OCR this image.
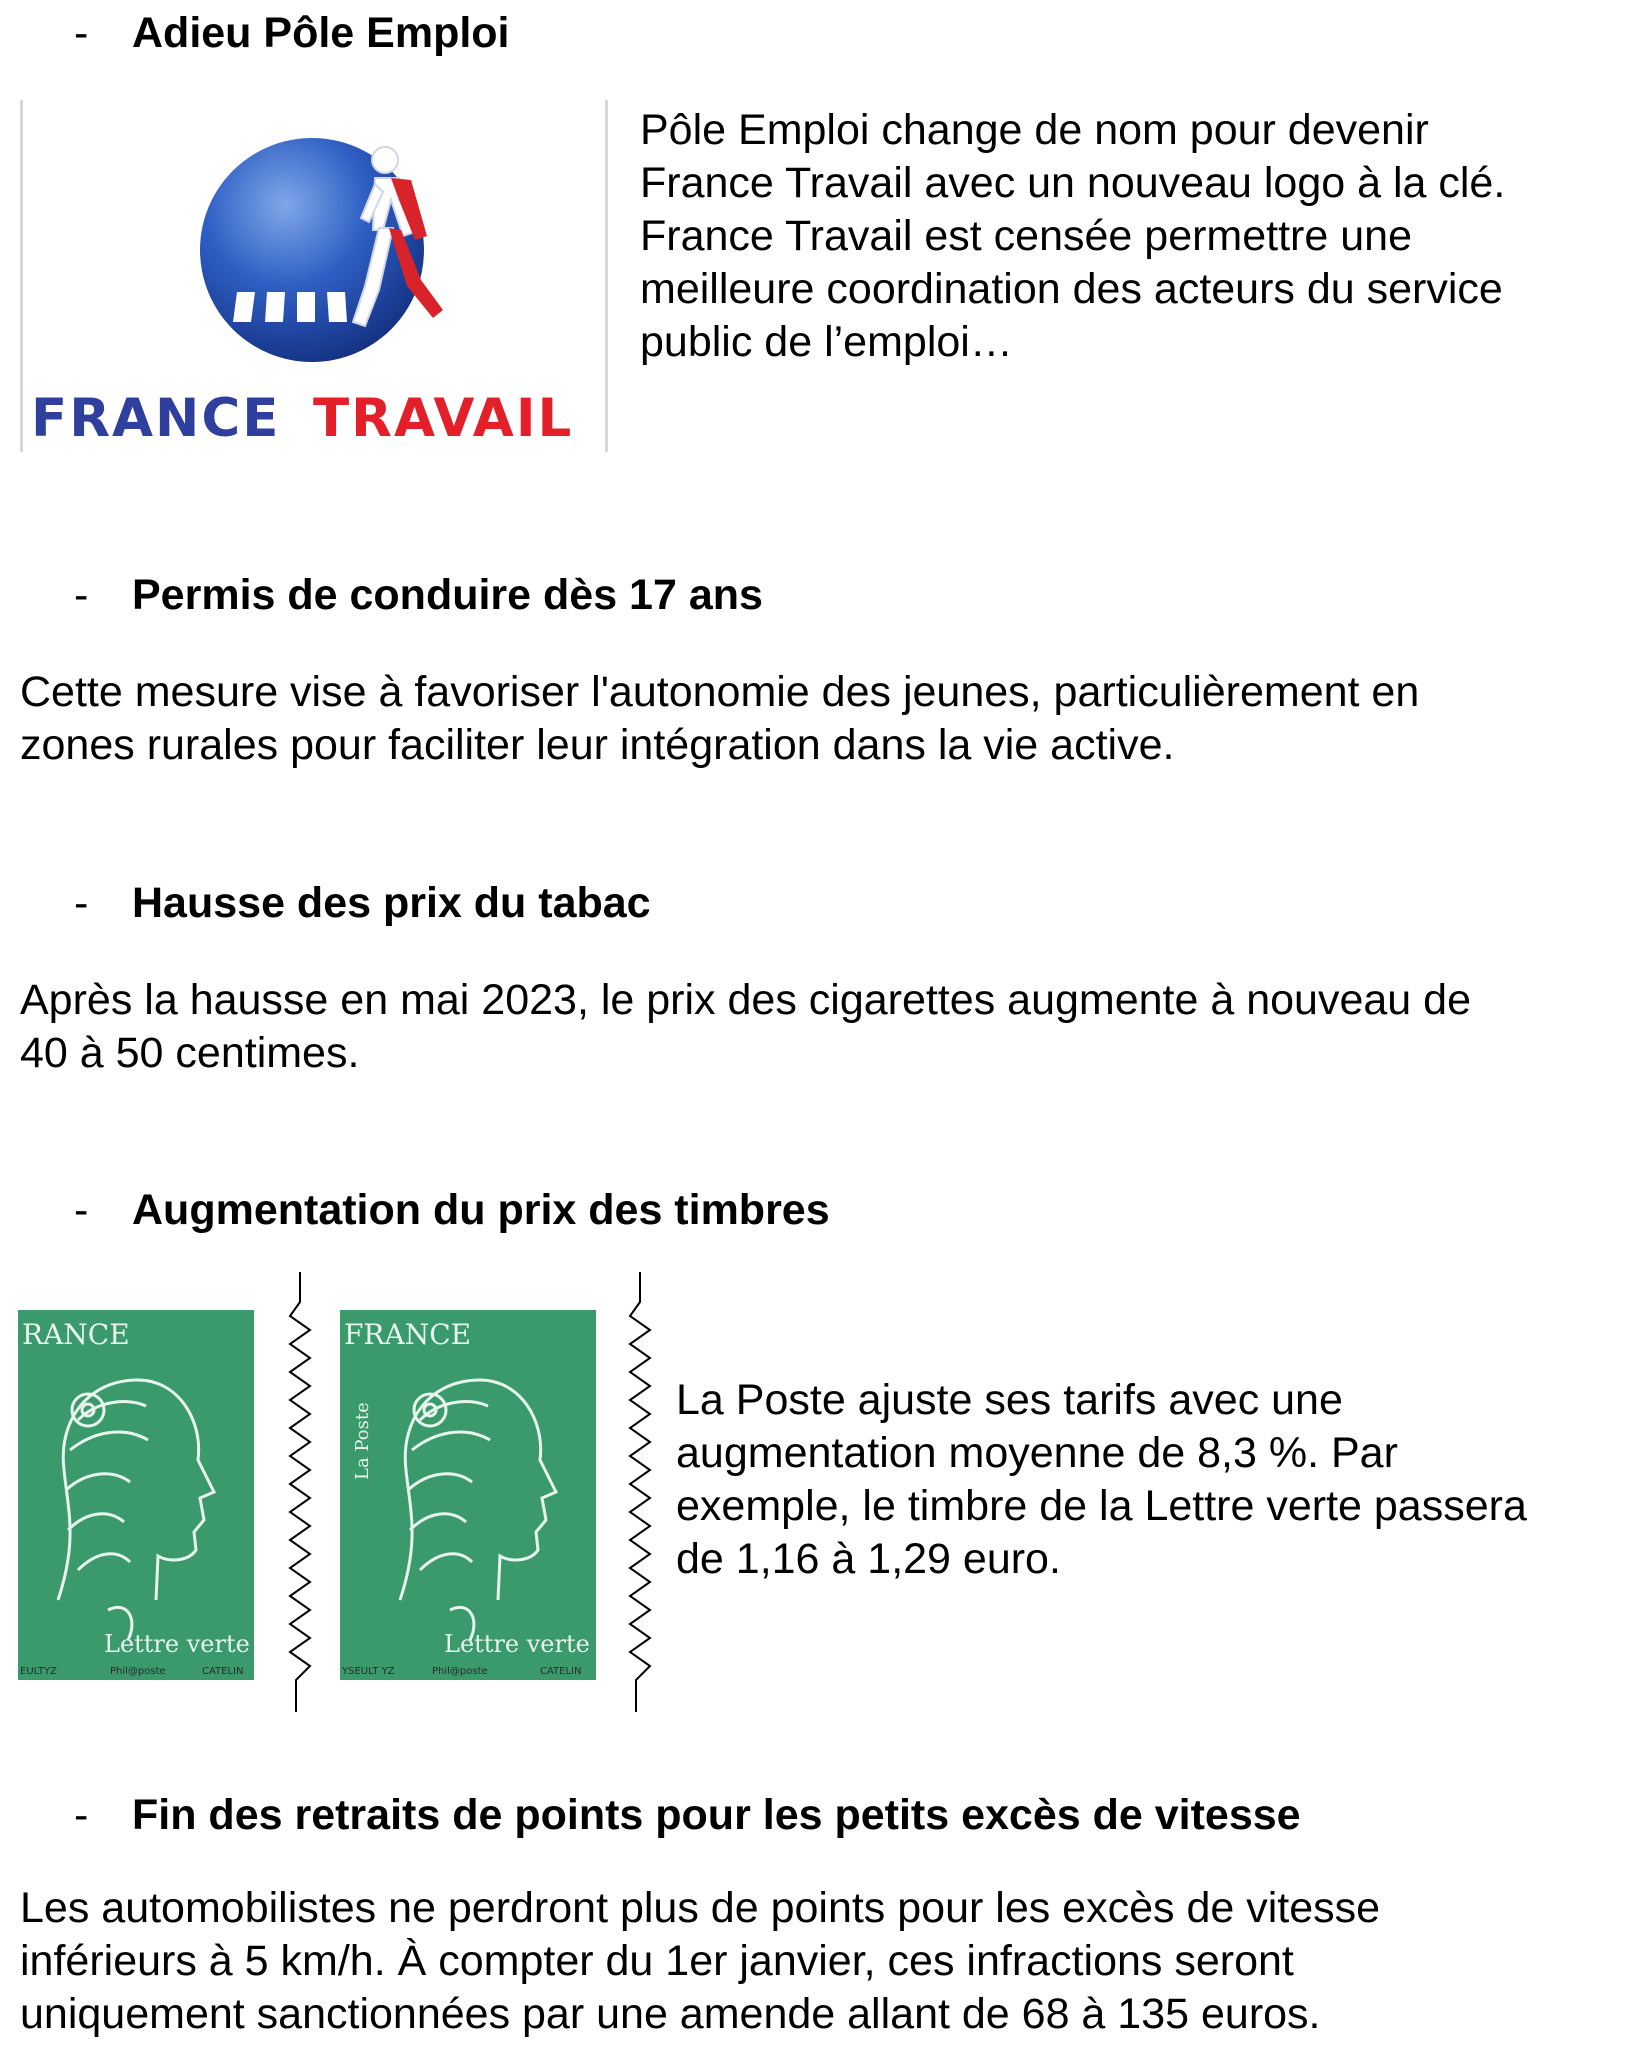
- Adieu Pôle Emploi
FRANCE TRAVAIL
Pôle Emploi change de nom pour devenir
France Travail avec un nouveau logo à la clé.
France Travail est censée permettre une
meilleure coordination des acteurs du service
public de l’emploi…
- Permis de conduire dès 17 ans
Cette mesure vise à favoriser l'autonomie des jeunes, particulièrement en
zones rurales pour faciliter leur intégration dans la vie active.
- Hausse des prix du tabac
Après la hausse en mai 2023, le prix des cigarettes augmente à nouveau de
40 à 50 centimes.
- Augmentation du prix des timbres
RANCE
Lettre verte
EULTYZ	Phil@poste	CATELIN
FRANCE
La Poste
Lettre verte
YSEULT YZ	Phil@poste	CATELIN
La Poste ajuste ses tarifs avec une
augmentation moyenne de 8,3 %. Par
exemple, le timbre de la Lettre verte passera
de 1,16 à 1,29 euro.
- Fin des retraits de points pour les petits excès de vitesse
Les automobilistes ne perdront plus de points pour les excès de vitesse
inférieurs à 5 km/h. À compter du 1er janvier, ces infractions seront
uniquement sanctionnées par une amende allant de 68 à 135 euros.
